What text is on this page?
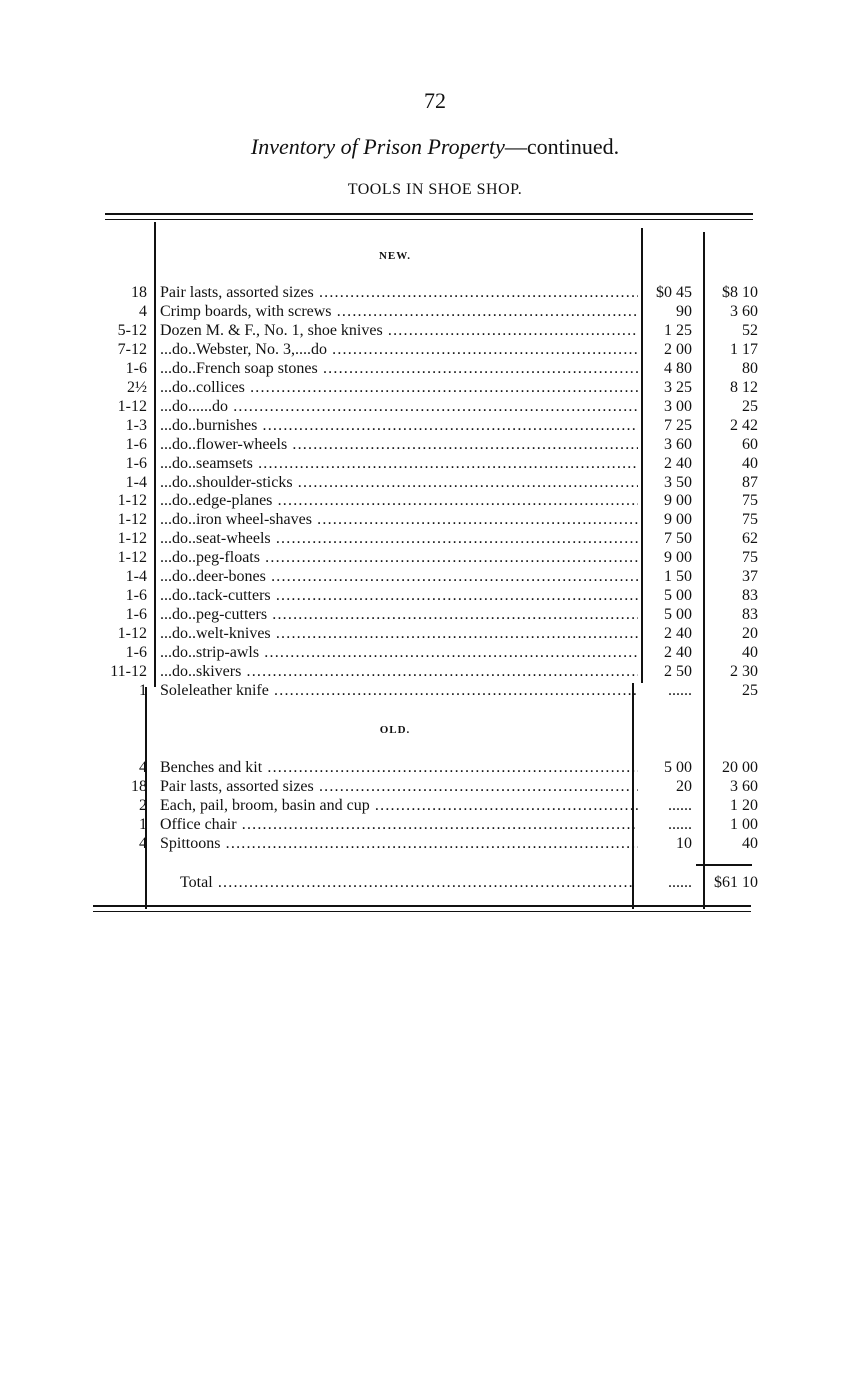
72
Inventory of Prison Property—continued.
TOOLS IN SHOE SHOP.
NEW.
18 Pair lasts, assorted sizes .....	$0 45	$8 10
4 Crimp boards, with screws .....	90	3 60
5-12 Dozen M. & F., No. 1, shoe knives .....	1 25	52
7-12 ...do..Webster, No. 3,....do .....	2 00	1 17
1-6 ...do..French soap stones .....	4 80	80
2½ ...do..collices .....	3 25	8 12
1-12 ...do......do .....	3 00	25
1-3 ...do..burnishes .....	7 25	2 42
1-6 ...do..flower-wheels .....	3 60	60
1-6 ...do..seamsets .....	2 40	40
1-4 ...do..shoulder-sticks .....	3 50	87
1-12 ...do..edge-planes .....	9 00	75
1-12 ...do..iron wheel-shaves .....	9 00	75
1-12 ...do..seat-wheels .....	7 50	62
1-12 ...do..peg-floats .....	9 00	75
1-4 ...do..deer-bones .....	1 50	37
1-6 ...do..tack-cutters .....	5 00	83
1-6 ...do..peg-cutters .....	5 00	83
1-12 ...do..welt-knives .....	2 40	20
1-6 ...do..strip-awls .....	2 40	40
11-12 ...do..skivers .....	2 50	2 30
1 Soleleather knife .....	......	25
OLD.
4 Benches and kit .....	5 00	20 00
18 Pair lasts, assorted sizes .....	20	3 60
2 Each, pail, broom, basin and cup .....	......	1 20
1 Office chair .....	......	1 00
4 Spittoons .....	10	40
Total .....	......	$61 10
